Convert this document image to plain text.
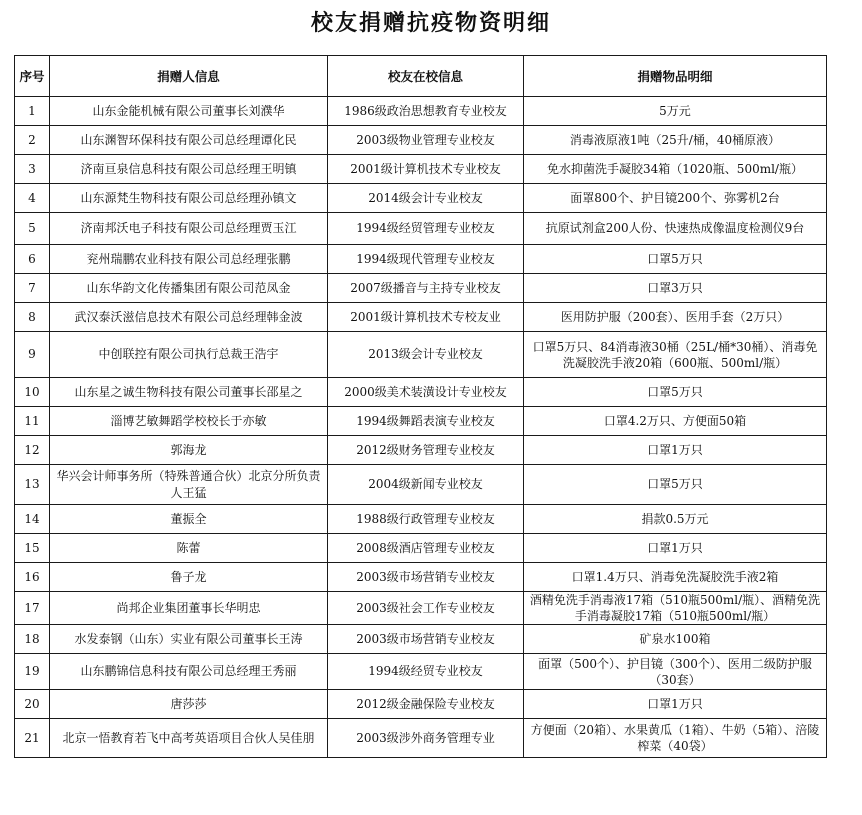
校友捐赠抗疫物资明细
序号	捐赠人信息	校友在校信息	捐赠物品明细
1	山东金能机械有限公司董事长刘濮华	1986级政治思想教育专业校友	5万元
2	山东渊智环保科技有限公司总经理谭化民	2003级物业管理专业校友	消毒液原液1吨（25升/桶，40桶原液）
3	济南亘泉信息科技有限公司总经理王明镇	2001级计算机技术专业校友	免水抑菌洗手凝胶34箱（1020瓶、500ml/瓶）
4	山东源梵生物科技有限公司总经理孙镇文	2014级会计专业校友	面罩800个、护目镜200个、弥雾机2台
5	济南邦沃电子科技有限公司总经理贾玉江	1994级经贸管理专业校友	抗原试剂盒200人份、快速热成像温度检测仪9台
6	兖州瑞鹏农业科技有限公司总经理张鹏	1994级现代管理专业校友	口罩5万只
7	山东华韵文化传播集团有限公司范凤金	2007级播音与主持专业校友	口罩3万只
8	武汉泰沃滋信息技术有限公司总经理韩金波	2001级计算机技术专校友业	医用防护服（200套）、医用手套（2万只）
9	中创联控有限公司执行总裁王浩宇	2013级会计专业校友	口罩5万只、84消毒液30桶（25L/桶*30桶）、消毒免洗凝胶洗手液20箱（600瓶、500ml/瓶）
10	山东星之诚生物科技有限公司董事长邵星之	2000级美术装潢设计专业校友	口罩5万只
11	淄博艺敏舞蹈学校校长于亦敏	1994级舞蹈表演专业校友	口罩4.2万只、方便面50箱
12	郭海龙	2012级财务管理专业校友	口罩1万只
13	华兴会计师事务所（特殊普通合伙）北京分所负责人王猛	2004级新闻专业校友	口罩5万只
14	董振全	1988级行政管理专业校友	捐款0.5万元
15	陈蕾	2008级酒店管理专业校友	口罩1万只
16	鲁子龙	2003级市场营销专业校友	口罩1.4万只、消毒免洗凝胶洗手液2箱
17	尚邦企业集团董事长华明忠	2003级社会工作专业校友	酒精免洗手消毒液17箱（510瓶500ml/瓶）、酒精免洗手消毒凝胶17箱（510瓶500ml/瓶）
18	水发泰钢（山东）实业有限公司董事长王涛	2003级市场营销专业校友	矿泉水100箱
19	山东鹏锦信息科技有限公司总经理王秀丽	1994级经贸专业校友	面罩（500个）、护目镜（300个）、医用二级防护服（30套）
20	唐莎莎	2012级金融保险专业校友	口罩1万只
21	北京一悟教育若飞中高考英语项目合伙人吴佳朋	2003级涉外商务管理专业	方便面（20箱）、水果黄瓜（1箱）、牛奶（5箱）、涪陵榨菜（40袋）
